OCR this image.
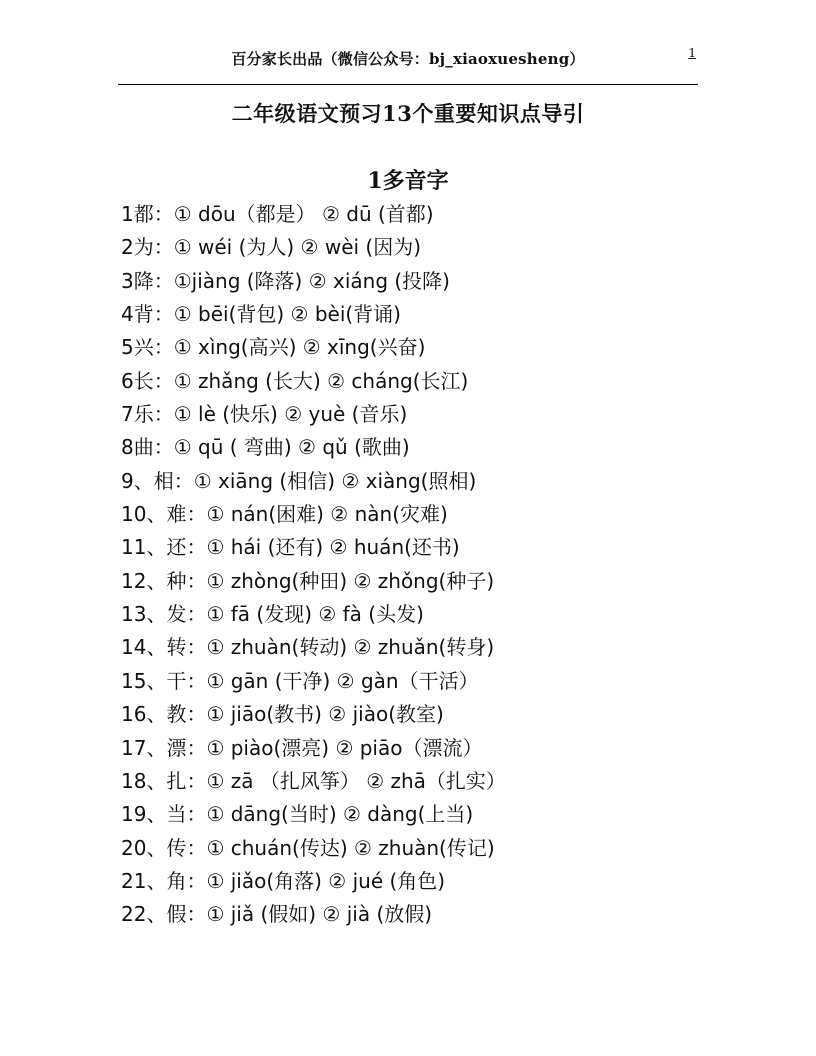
百分家长出品（微信公众号：bj_xiaoxuesheng）	1
二年级语文预习13个重要知识点导引
1多音字
1都：① dōu（都是） ② dū (首都)
2为：① wéi (为人) ② wèi (因为)
3降：①jiàng (降落) ② xiáng (投降)
4背：① bēi(背包) ② bèi(背诵)
5兴：① xìng(高兴) ② xīng(兴奋)
6长：① zhǎng (长大) ② cháng(长江)
7乐：① lè (快乐) ② yuè (音乐)
8曲：① qū ( 弯曲) ② qǔ (歌曲)
9、相：① xiāng (相信) ② xiàng(照相)
10、难：① nán(困难) ② nàn(灾难)
11、还：① hái (还有) ② huán(还书)
12、种：① zhòng(种田) ② zhǒng(种子)
13、发：① fā (发现) ② fà (头发)
14、转：① zhuàn(转动) ② zhuǎn(转身)
15、干：① gān (干净) ② gàn（干活）
16、教：① jiāo(教书) ② jiào(教室)
17、漂：① piào(漂亮) ② piāo（漂流）
18、扎：① zā （扎风筝） ② zhā（扎实）
19、当：① dāng(当时) ② dàng(上当)
20、传：① chuán(传达) ② zhuàn(传记)
21、角：① jiǎo(角落) ② jué (角色)
22、假：① jiǎ (假如) ② jià (放假)
